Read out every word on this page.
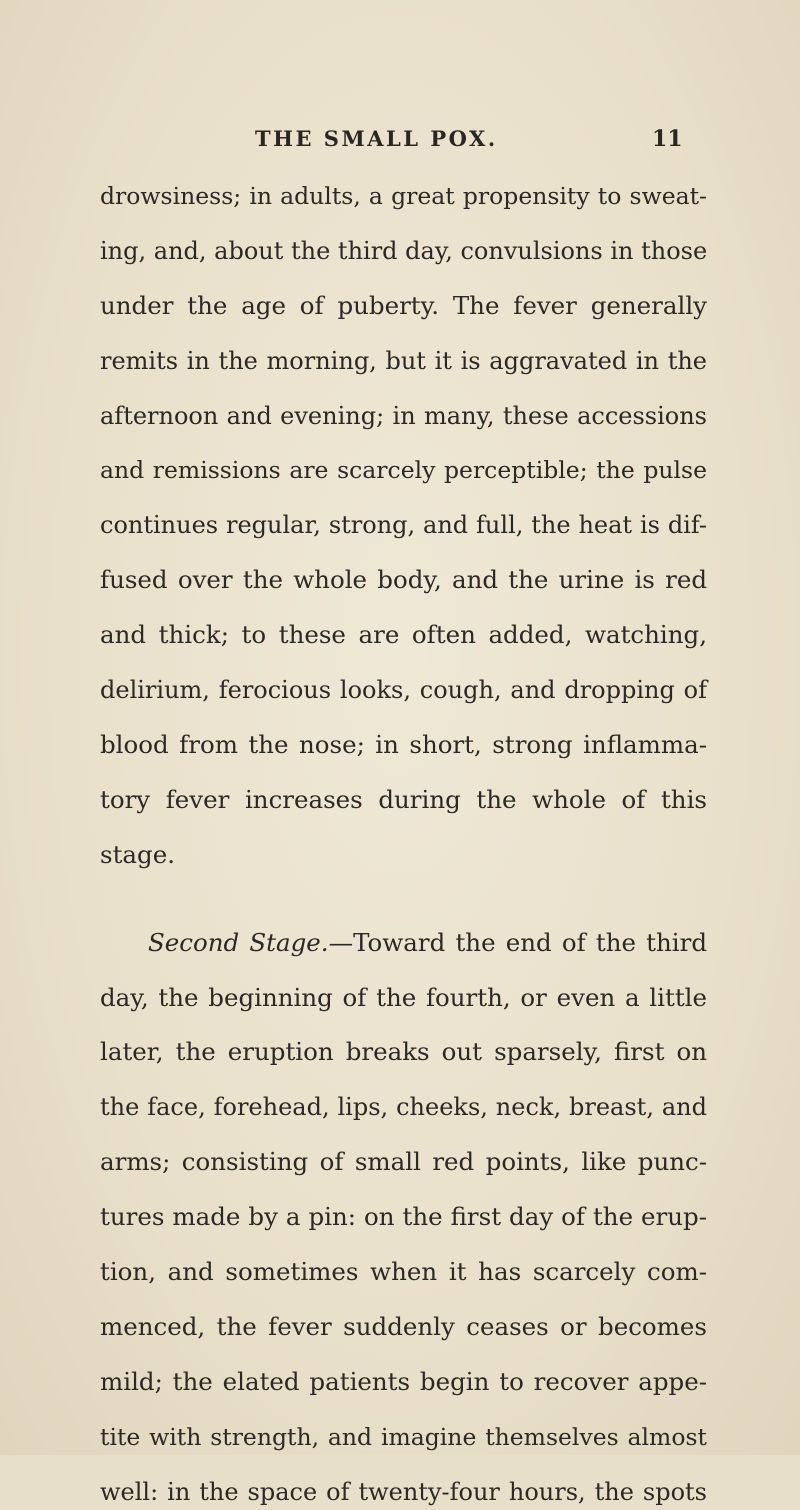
THE SMALL POX.	11
drowsiness; in adults, a great propensity to sweat-
ing, and, about the third day, convulsions in those
under the age of puberty. The fever generally
remits in the morning, but it is aggravated in the
afternoon and evening; in many, these accessions
and remissions are scarcely perceptible; the pulse
continues regular, strong, and full, the heat is dif-
fused over the whole body, and the urine is red
and thick; to these are often added, watching,
delirium, ferocious looks, cough, and dropping of
blood from the nose; in short, strong inflamma-
tory fever increases during the whole of this
stage.
Second Stage.—Toward the end of the third
day, the beginning of the fourth, or even a little
later, the eruption breaks out sparsely, first on
the face, forehead, lips, cheeks, neck, breast, and
arms; consisting of small red points, like punc-
tures made by a pin: on the first day of the erup-
tion, and sometimes when it has scarcely com-
menced, the fever suddenly ceases or becomes
mild; the elated patients begin to recover appe-
tite with strength, and imagine themselves almost
well: in the space of twenty-four hours, the spots
